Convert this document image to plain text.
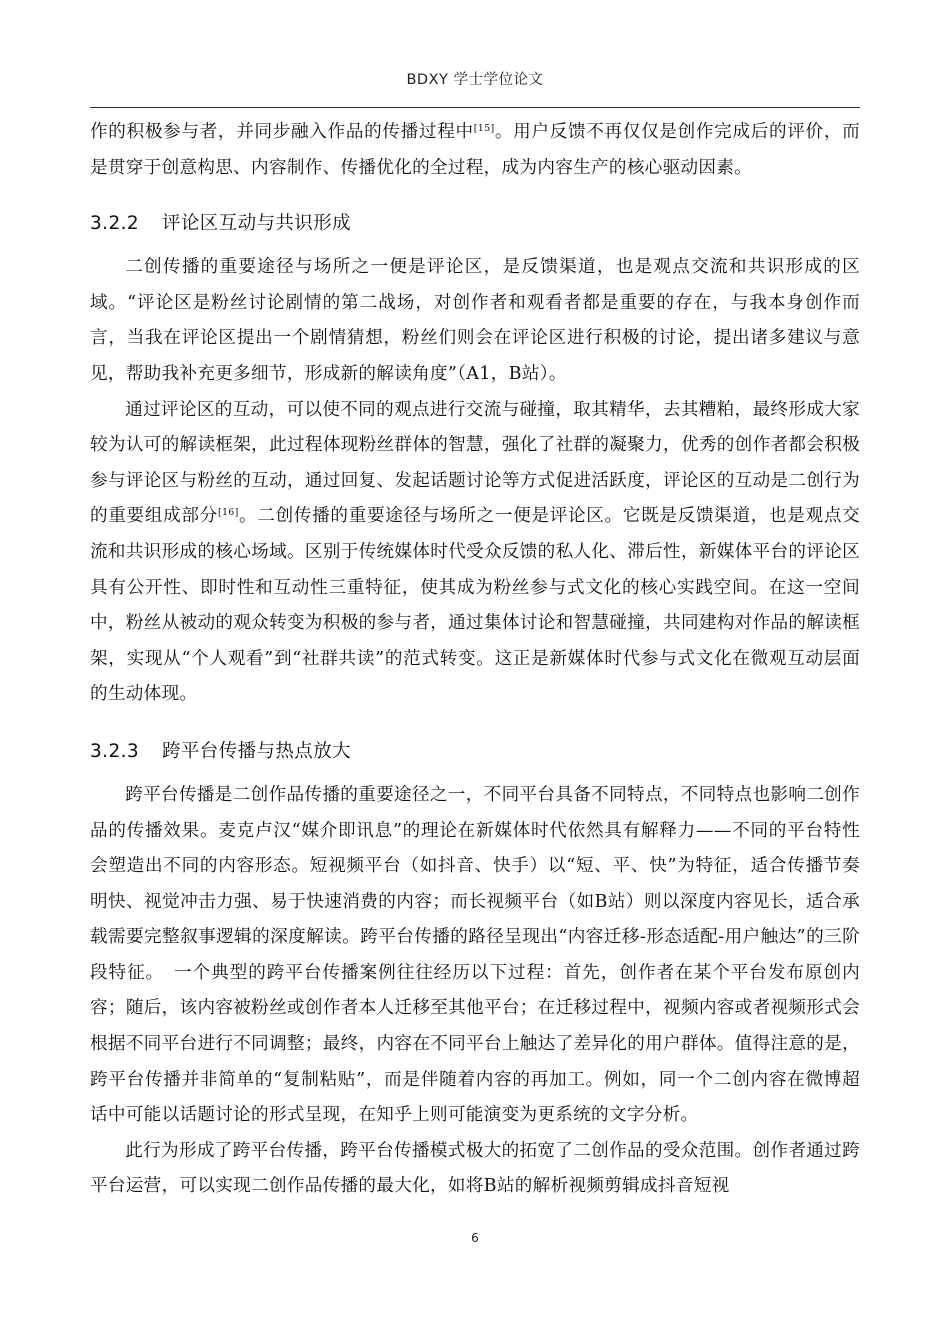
BDXY 学士学位论文

作的积极参与者，并同步融入作品的传播过程中[15]。用户反馈不再仅仅是创作完成后的评价，而是贯穿于创意构思、内容制作、传播优化的全过程，成为内容生产的核心驱动因素。

3.2.2 评论区互动与共识形成

二创传播的重要途径与场所之一便是评论区，是反馈渠道，也是观点交流和共识形成的区域。“评论区是粉丝讨论剧情的第二战场，对创作者和观看者都是重要的存在，与我本身创作而言，当我在评论区提出一个剧情猜想，粉丝们则会在评论区进行积极的讨论，提出诸多建议与意见，帮助我补充更多细节，形成新的解读角度”（A1，B站）。

通过评论区的互动，可以使不同的观点进行交流与碰撞，取其精华，去其糟粕，最终形成大家较为认可的解读框架，此过程体现粉丝群体的智慧，强化了社群的凝聚力，优秀的创作者都会积极参与评论区与粉丝的互动，通过回复、发起话题讨论等方式促进活跃度，评论区的互动是二创行为的重要组成部分[16]。二创传播的重要途径与场所之一便是评论区。它既是反馈渠道，也是观点交流和共识形成的核心场域。区别于传统媒体时代受众反馈的私人化、滞后性，新媒体平台的评论区具有公开性、即时性和互动性三重特征，使其成为粉丝参与式文化的核心实践空间。在这一空间中，粉丝从被动的观众转变为积极的参与者，通过集体讨论和智慧碰撞，共同建构对作品的解读框架，实现从“个人观看”到“社群共读”的范式转变。这正是新媒体时代参与式文化在微观互动层面的生动体现。

3.2.3 跨平台传播与热点放大

跨平台传播是二创作品传播的重要途径之一，不同平台具备不同特点，不同特点也影响二创作品的传播效果。麦克卢汉“媒介即讯息”的理论在新媒体时代依然具有解释力——不同的平台特性会塑造出不同的内容形态。短视频平台（如抖音、快手）以“短、平、快”为特征，适合传播节奏明快、视觉冲击力强、易于快速消费的内容；而长视频平台（如B站）则以深度内容见长，适合承载需要完整叙事逻辑的深度解读。跨平台传播的路径呈现出“内容迁移-形态适配-用户触达”的三阶段特征。　一个典型的跨平台传播案例往往经历以下过程：首先，创作者在某个平台发布原创内容；随后，该内容被粉丝或创作者本人迁移至其他平台；在迁移过程中，视频内容或者视频形式会根据不同平台进行不同调整；最终，内容在不同平台上触达了差异化的用户群体。值得注意的是，跨平台传播并非简单的“复制粘贴”，而是伴随着内容的再加工。例如，同一个二创内容在微博超话中可能以话题讨论的形式呈现，在知乎上则可能演变为更系统的文字分析。

此行为形成了跨平台传播，跨平台传播模式极大的拓宽了二创作品的受众范围。创作者通过跨平台运营，可以实现二创作品传播的最大化，如将B站的解析视频剪辑成抖音短视

6
